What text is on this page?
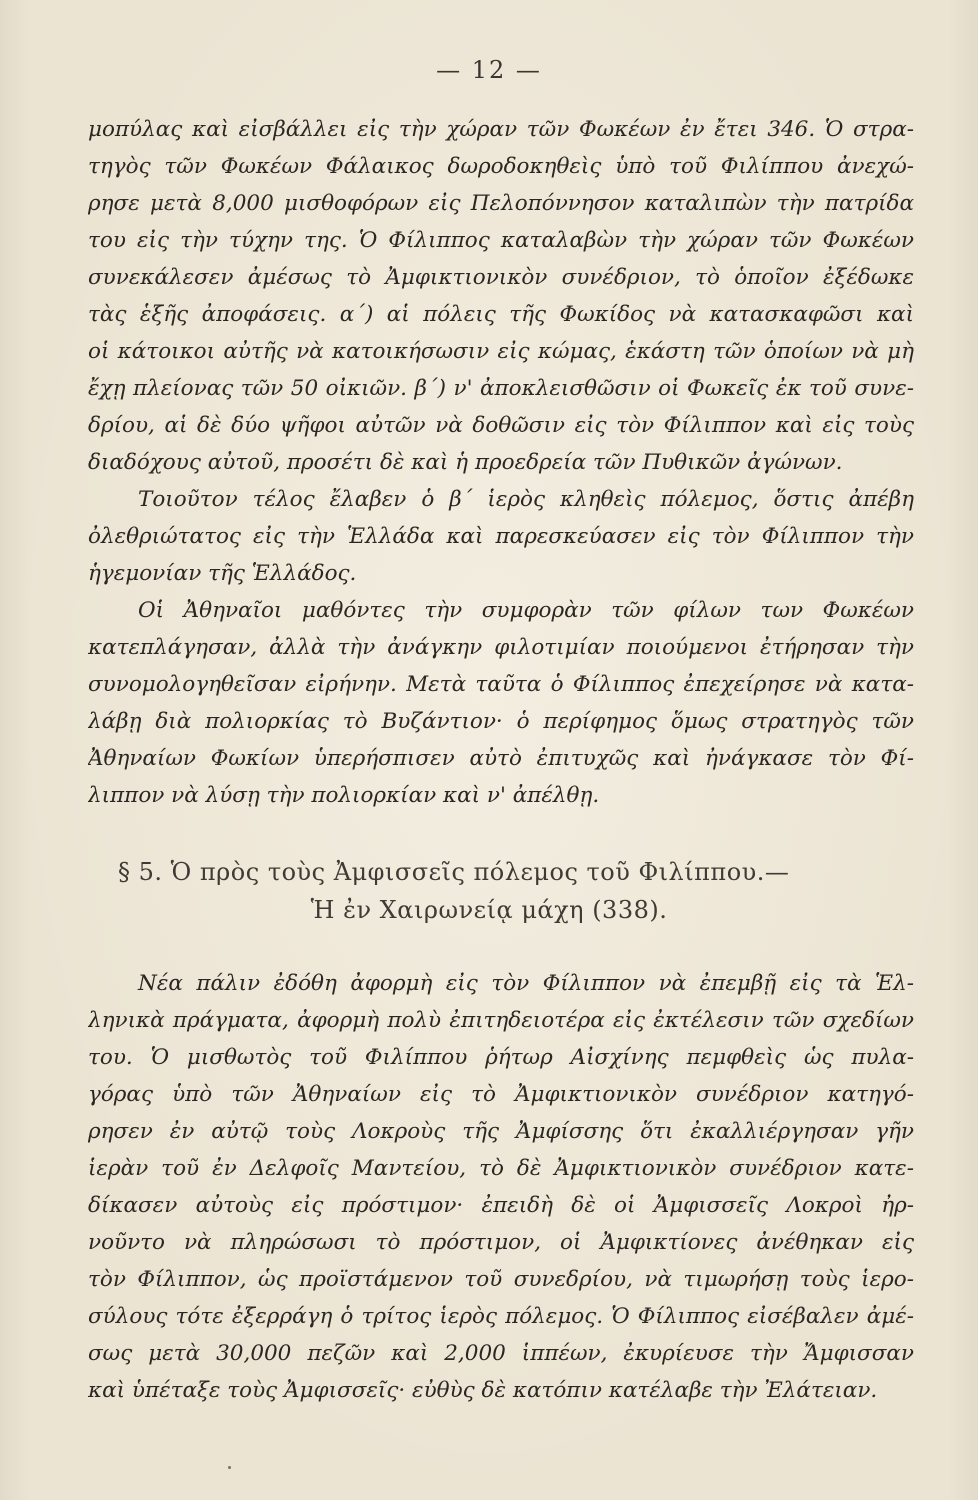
— 12 —
μοπύλας καὶ εἰσβάλλει εἰς τὴν χώραν τῶν Φωκέων ἐν ἔτει 346. Ὁ στρα-
τηγὸς τῶν Φωκέων Φάλαικος δωροδοκηθεὶς ὑπὸ τοῦ Φιλίππου ἀνεχώ-
ρησε μετὰ 8,000 μισθοφόρων εἰς Πελοπόννησον καταλιπὼν τὴν πατρίδα
του εἰς τὴν τύχην της. Ὁ Φίλιππος καταλαβὼν τὴν χώραν τῶν Φωκέων
συνεκάλεσεν ἀμέσως τὸ Ἀμφικτιονικὸν συνέδριον, τὸ ὁποῖον ἐξέδωκε
τὰς ἑξῆς ἀποφάσεις. α΄) αἱ πόλεις τῆς Φωκίδος νὰ κατασκαφῶσι καὶ
οἱ κάτοικοι αὐτῆς νὰ κατοικήσωσιν εἰς κώμας, ἑκάστη τῶν ὁποίων νὰ μὴ
ἔχῃ πλείονας τῶν 50 οἰκιῶν. β΄) ν' ἀποκλεισθῶσιν οἱ Φωκεῖς ἐκ τοῦ συνε-
δρίου, αἱ δὲ δύο ψῆφοι αὐτῶν νὰ δοθῶσιν εἰς τὸν Φίλιππον καὶ εἰς τοὺς
διαδόχους αὐτοῦ, προσέτι δὲ καὶ ἡ προεδρεία τῶν Πυθικῶν ἀγώνων.
Τοιοῦτον τέλος ἔλαβεν ὁ β΄ ἱερὸς κληθεὶς πόλεμος, ὅστις ἀπέβη
ὀλεθριώτατος εἰς τὴν Ἑλλάδα καὶ παρεσκεύασεν εἰς τὸν Φίλιππον τὴν
ἡγεμονίαν τῆς Ἑλλάδος.
Οἱ Ἀθηναῖοι μαθόντες τὴν συμφορὰν τῶν φίλων των Φωκέων
κατεπλάγησαν, ἀλλὰ τὴν ἀνάγκην φιλοτιμίαν ποιούμενοι ἐτήρησαν τὴν
συνομολογηθεῖσαν εἰρήνην. Μετὰ ταῦτα ὁ Φίλιππος ἐπεχείρησε νὰ κατα-
λάβῃ διὰ πολιορκίας τὸ Βυζάντιον· ὁ περίφημος ὅμως στρατηγὸς τῶν
Ἀθηναίων Φωκίων ὑπερήσπισεν αὐτὸ ἐπιτυχῶς καὶ ἠνάγκασε τὸν Φί-
λιππον νὰ λύσῃ τὴν πολιορκίαν καὶ ν' ἀπέλθῃ.
§ 5. Ὁ πρὸς τοὺς Ἀμφισσεῖς πόλεμος τοῦ Φιλίππου.—
Ἡ ἐν Χαιρωνείᾳ μάχη (338).
Νέα πάλιν ἐδόθη ἀφορμὴ εἰς τὸν Φίλιππον νὰ ἐπεμβῇ εἰς τὰ Ἑλ-
ληνικὰ πράγματα, ἀφορμὴ πολὺ ἐπιτηδειοτέρα εἰς ἐκτέλεσιν τῶν σχεδίων
του. Ὁ μισθωτὸς τοῦ Φιλίππου ῥήτωρ Αἰσχίνης πεμφθεὶς ὡς πυλα-
γόρας ὑπὸ τῶν Ἀθηναίων εἰς τὸ Ἀμφικτιονικὸν συνέδριον κατηγό-
ρησεν ἐν αὐτῷ τοὺς Λοκροὺς τῆς Ἀμφίσσης ὅτι ἐκαλλιέργησαν γῆν
ἱερὰν τοῦ ἐν Δελφοῖς Μαντείου, τὸ δὲ Ἀμφικτιονικὸν συνέδριον κατε-
δίκασεν αὐτοὺς εἰς πρόστιμον· ἐπειδὴ δὲ οἱ Ἀμφισσεῖς Λοκροὶ ἠρ-
νοῦντο νὰ πληρώσωσι τὸ πρόστιμον, οἱ Ἀμφικτίονες ἀνέθηκαν εἰς
τὸν Φίλιππον, ὡς προϊστάμενον τοῦ συνεδρίου, νὰ τιμωρήσῃ τοὺς ἱερο-
σύλους τότε ἐξερράγη ὁ τρίτος ἱερὸς πόλεμος. Ὁ Φίλιππος εἰσέβαλεν ἀμέ-
σως μετὰ 30,000 πεζῶν καὶ 2,000 ἱππέων, ἐκυρίευσε τὴν Ἄμφισσαν
καὶ ὑπέταξε τοὺς Ἀμφισσεῖς· εὐθὺς δὲ κατόπιν κατέλαβε τὴν Ἐλάτειαν.
